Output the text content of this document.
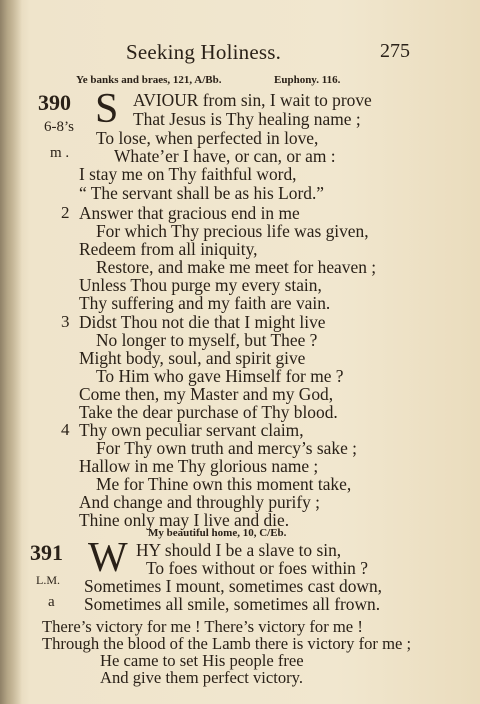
Seeking Holiness.	275
Ye banks and braes, 121, A/Bb.	Euphony. 116.
390
6-8’s
m .
S AVIOUR from sin, I wait to prove
That Jesus is Thy healing name ;
To lose, when perfected in love,
Whate’er I have, or can, or am :
I stay me on Thy faithful word,
“ The servant shall be as his Lord.”
2 Answer that gracious end in me
For which Thy precious life was given,
Redeem from all iniquity,
Restore, and make me meet for heaven ;
Unless Thou purge my every stain,
Thy suffering and my faith are vain.
3 Didst Thou not die that I might live
No longer to myself, but Thee ?
Might body, soul, and spirit give
To Him who gave Himself for me ?
Come then, my Master and my God,
Take the dear purchase of Thy blood.
4 Thy own peculiar servant claim,
For Thy own truth and mercy’s sake ;
Hallow in me Thy glorious name ;
Me for Thine own this moment take,
And change and throughly purify ;
Thine only may I live and die.
My beautiful home, 10, C/Eb.
391 W
L.M.
a
HY should I be a slave to sin,
To foes without or foes within ?
Sometimes I mount, sometimes cast down,
Sometimes all smile, sometimes all frown.
There’s victory for me ! There’s victory for me !
Through the blood of the Lamb there is victory for me ;
He came to set His people free
And give them perfect victory.
